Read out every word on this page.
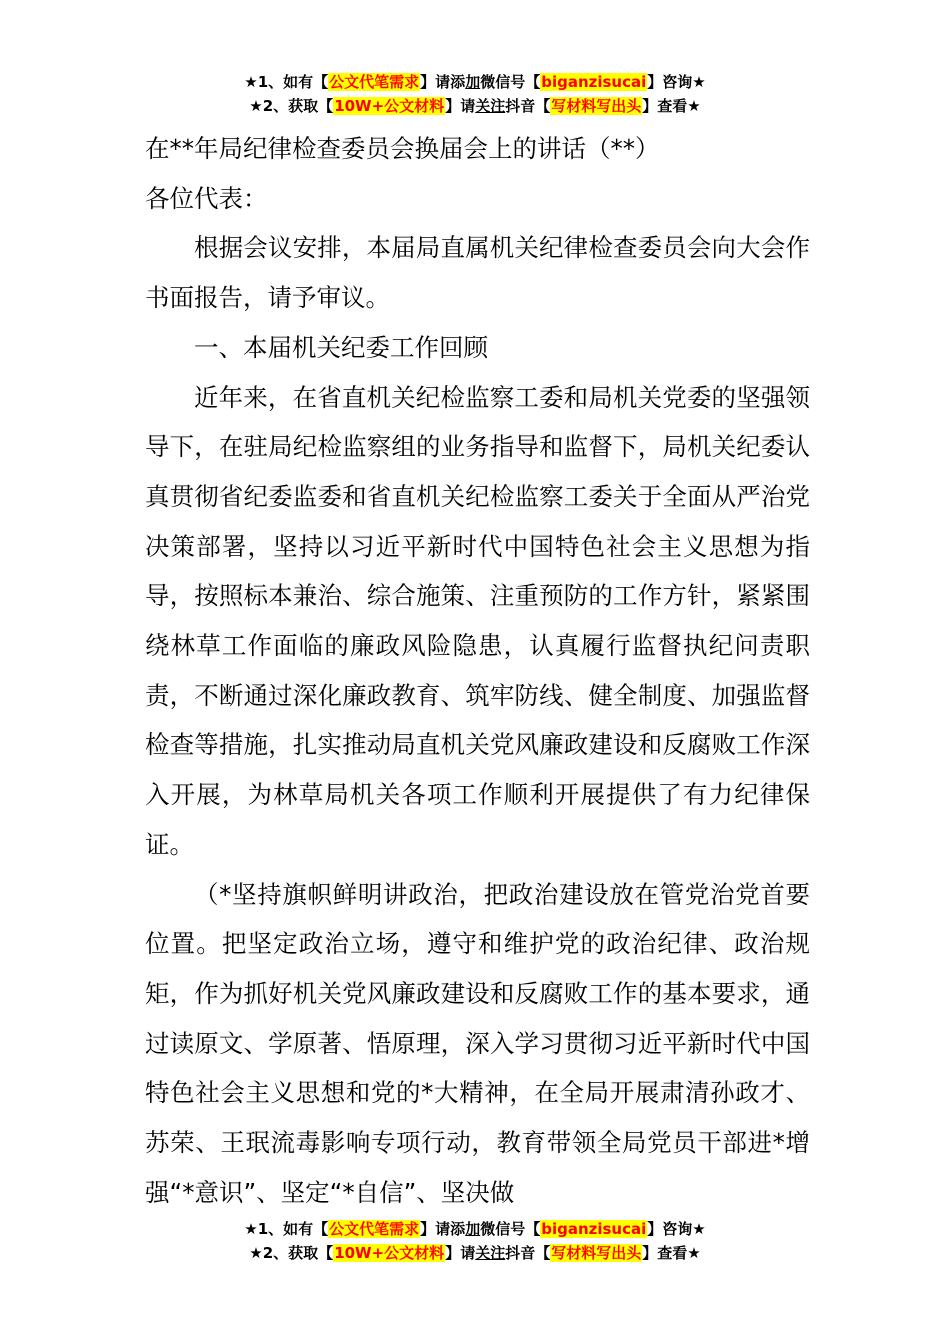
★1、如有【公文代笔需求】请添加微信号【biganzisucai】咨询★
★2、获取【10W+公文材料】请关注抖音【写材料写出头】查看★

在**年局纪律检查委员会换届会上的讲话（**）

各位代表：

根据会议安排，本届局直属机关纪律检查委员会向大会作书面报告，请予审议。

一、本届机关纪委工作回顾

近年来，在省直机关纪检监察工委和局机关党委的坚强领导下，在驻局纪检监察组的业务指导和监督下，局机关纪委认真贯彻省纪委监委和省直机关纪检监察工委关于全面从严治党决策部署，坚持以习近平新时代中国特色社会主义思想为指导，按照标本兼治、综合施策、注重预防的工作方针，紧紧围绕林草工作面临的廉政风险隐患，认真履行监督执纪问责职责，不断通过深化廉政教育、筑牢防线、健全制度、加强监督检查等措施，扎实推动局直机关党风廉政建设和反腐败工作深入开展，为林草局机关各项工作顺利开展提供了有力纪律保证。

（*坚持旗帜鲜明讲政治，把政治建设放在管党治党首要位置。把坚定政治立场，遵守和维护党的政治纪律、政治规矩，作为抓好机关党风廉政建设和反腐败工作的基本要求，通过读原文、学原著、悟原理，深入学习贯彻习近平新时代中国特色社会主义思想和党的*大精神，在全局开展肃清孙政才、苏荣、王珉流毒影响专项行动，教育带领全局党员干部进*增强“*意识”、坚定“*自信”、坚决做

★1、如有【公文代笔需求】请添加微信号【biganzisucai】咨询★
★2、获取【10W+公文材料】请关注抖音【写材料写出头】查看★
